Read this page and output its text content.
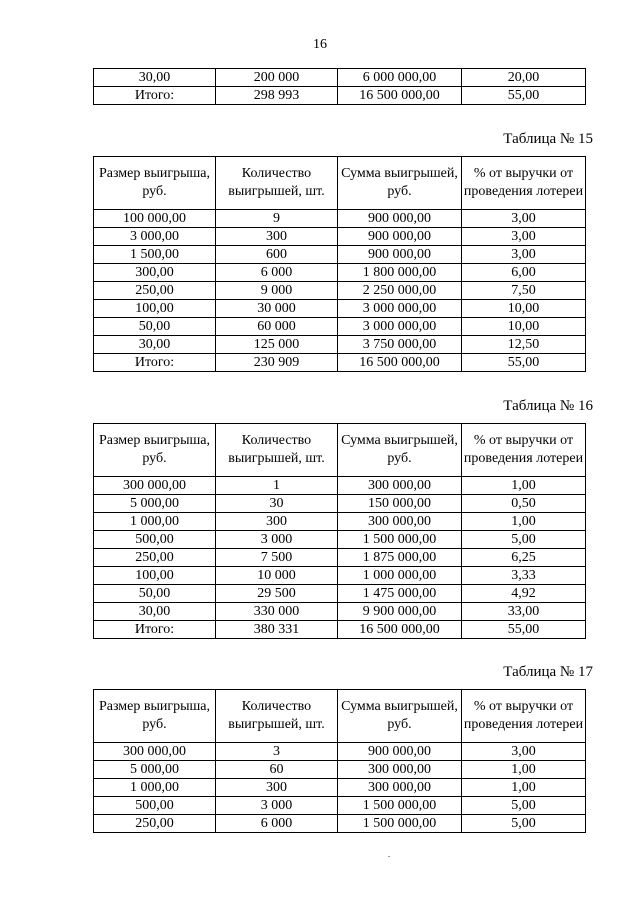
16
30,00	200 000	6 000 000,00	20,00
Итого:	298 993	16 500 000,00	55,00
Таблица № 15
Размер выигрыша, руб.	Количество выигрышей, шт.	Сумма выигрышей, руб.	% от выручки от проведения лотереи
100 000,00	9	900 000,00	3,00
3 000,00	300	900 000,00	3,00
1 500,00	600	900 000,00	3,00
300,00	6 000	1 800 000,00	6,00
250,00	9 000	2 250 000,00	7,50
100,00	30 000	3 000 000,00	10,00
50,00	60 000	3 000 000,00	10,00
30,00	125 000	3 750 000,00	12,50
Итого:	230 909	16 500 000,00	55,00
Таблица № 16
Размер выигрыша, руб.	Количество выигрышей, шт.	Сумма выигрышей, руб.	% от выручки от проведения лотереи
300 000,00	1	300 000,00	1,00
5 000,00	30	150 000,00	0,50
1 000,00	300	300 000,00	1,00
500,00	3 000	1 500 000,00	5,00
250,00	7 500	1 875 000,00	6,25
100,00	10 000	1 000 000,00	3,33
50,00	29 500	1 475 000,00	4,92
30,00	330 000	9 900 000,00	33,00
Итого:	380 331	16 500 000,00	55,00
Таблица № 17
Размер выигрыша, руб.	Количество выигрышей, шт.	Сумма выигрышей, руб.	% от выручки от проведения лотереи
300 000,00	3	900 000,00	3,00
5 000,00	60	300 000,00	1,00
1 000,00	300	300 000,00	1,00
500,00	3 000	1 500 000,00	5,00
250,00	6 000	1 500 000,00	5,00
